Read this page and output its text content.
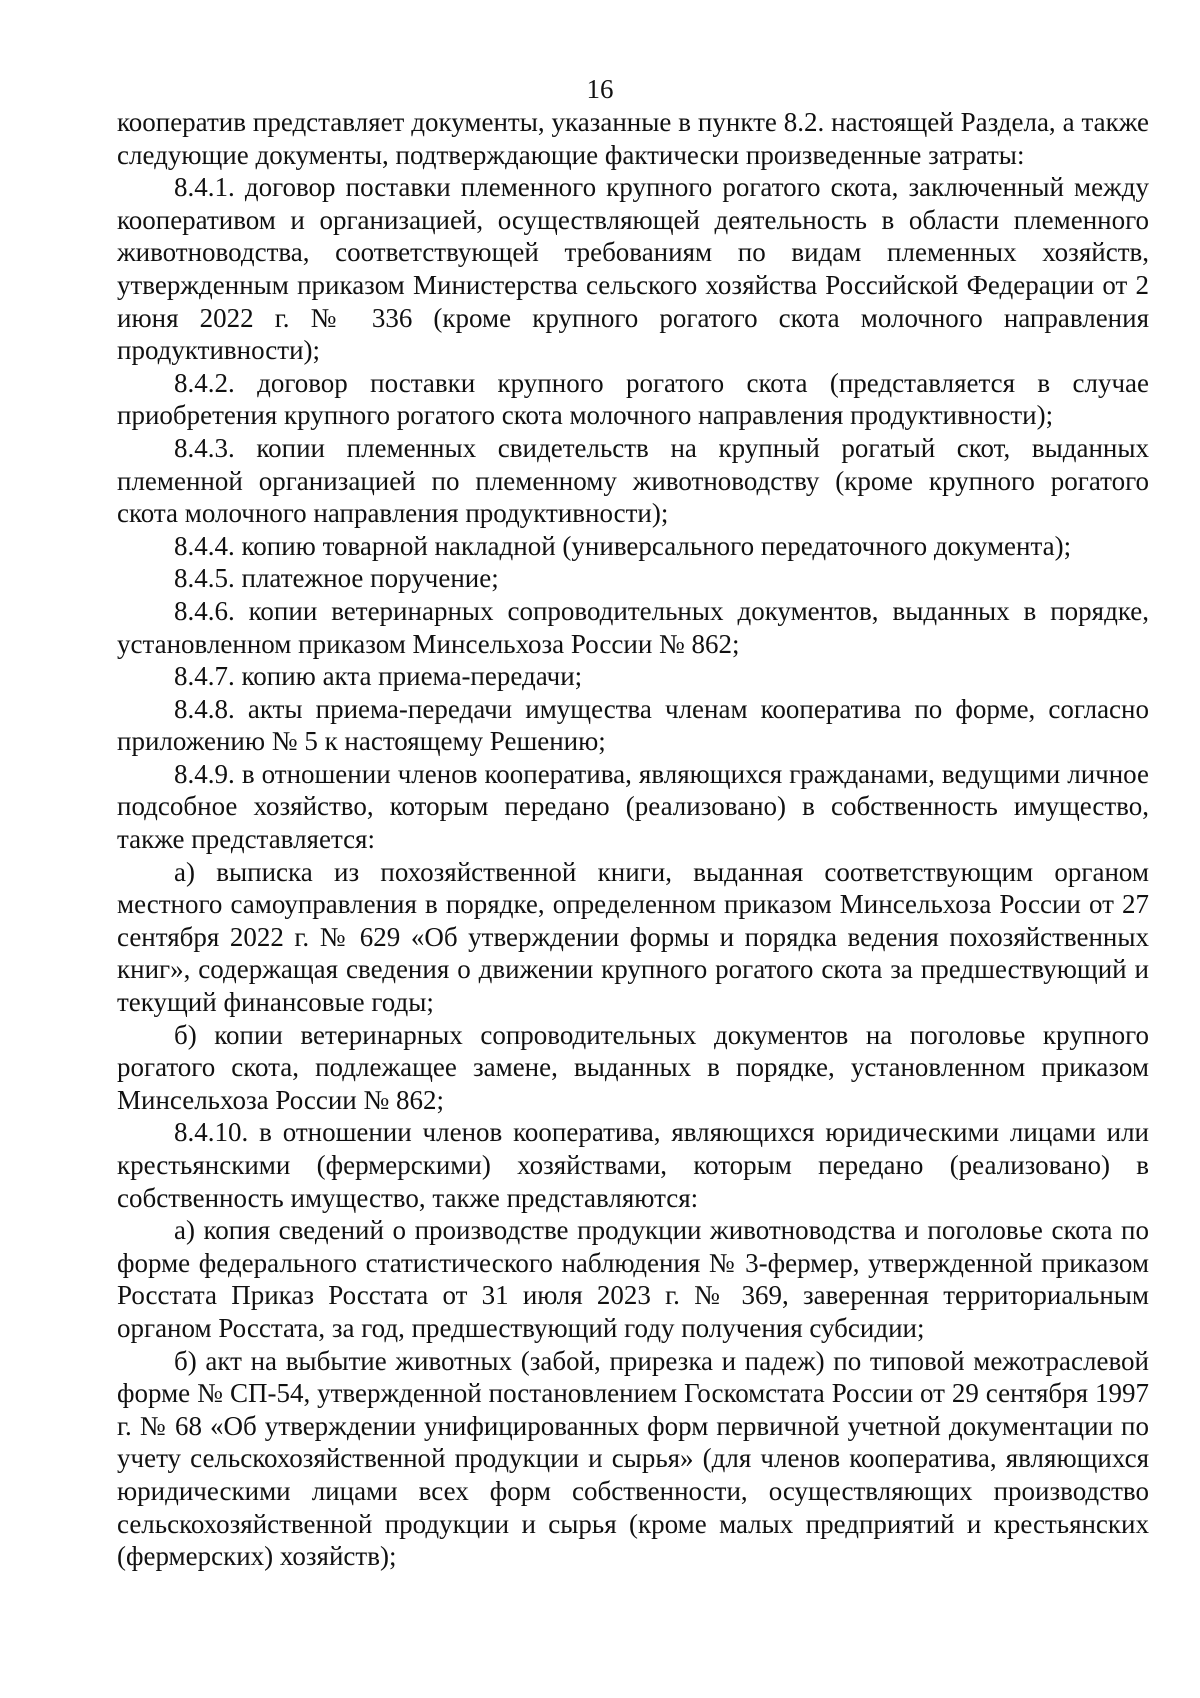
16

кооператив представляет документы, указанные в пункте 8.2. настоящей Раздела, а также следующие документы, подтверждающие фактически произведенные затраты:

8.4.1. договор поставки племенного крупного рогатого скота, заключенный между кооперативом и организацией, осуществляющей деятельность в области племенного животноводства, соответствующей требованиям по видам племенных хозяйств, утвержденным приказом Министерства сельского хозяйства Российской Федерации от 2 июня 2022 г. № 336 (кроме крупного рогатого скота молочного направления продуктивности);

8.4.2. договор поставки крупного рогатого скота (представляется в случае приобретения крупного рогатого скота молочного направления продуктивности);

8.4.3. копии племенных свидетельств на крупный рогатый скот, выданных племенной организацией по племенному животноводству (кроме крупного рогатого скота молочного направления продуктивности);

8.4.4. копию товарной накладной (универсального передаточного документа);

8.4.5. платежное поручение;

8.4.6. копии ветеринарных сопроводительных документов, выданных в порядке, установленном приказом Минсельхоза России № 862;

8.4.7. копию акта приема-передачи;

8.4.8. акты приема-передачи имущества членам кооператива по форме, согласно приложению № 5 к настоящему Решению;

8.4.9. в отношении членов кооператива, являющихся гражданами, ведущими личное подсобное хозяйство, которым передано (реализовано) в собственность имущество, также представляется:

а) выписка из похозяйственной книги, выданная соответствующим органом местного самоуправления в порядке, определенном приказом Минсельхоза России от 27 сентября 2022 г. № 629 «Об утверждении формы и порядка ведения похозяйственных книг», содержащая сведения о движении крупного рогатого скота за предшествующий и текущий финансовые годы;

б) копии ветеринарных сопроводительных документов на поголовье крупного рогатого скота, подлежащее замене, выданных в порядке, установленном приказом Минсельхоза России № 862;

8.4.10. в отношении членов кооператива, являющихся юридическими лицами или крестьянскими (фермерскими) хозяйствами, которым передано (реализовано) в собственность имущество, также представляются:

а) копия сведений о производстве продукции животноводства и поголовье скота по форме федерального статистического наблюдения № 3-фермер, утвержденной приказом Росстата Приказ Росстата от 31 июля 2023 г. № 369, заверенная территориальным органом Росстата, за год, предшествующий году получения субсидии;

б) акт на выбытие животных (забой, прирезка и падеж) по типовой межотраслевой форме № СП-54, утвержденной постановлением Госкомстата России от 29 сентября 1997 г. № 68 «Об утверждении унифицированных форм первичной учетной документации по учету сельскохозяйственной продукции и сырья» (для членов кооператива, являющихся юридическими лицами всех форм собственности, осуществляющих производство сельскохозяйственной продукции и сырья (кроме малых предприятий и крестьянских (фермерских) хозяйств);
